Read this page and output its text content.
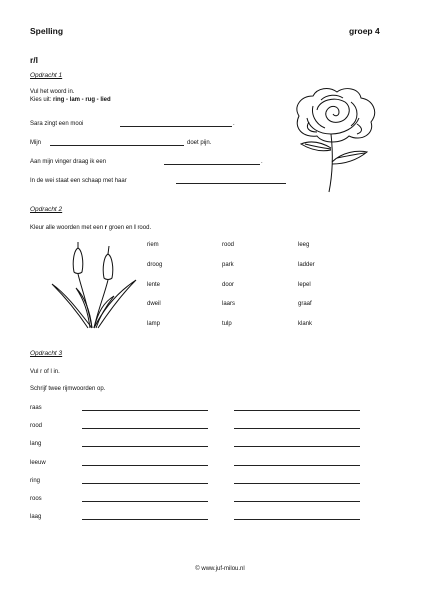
Spelling	groep 4
r/l
Opdracht 1
Vul het woord in.
Kies uit: ring - lam - rug - lied
Sara zingt een mooi	.
Mijn	doet pijn.
Aan mijn vinger draag ik een	.
In de wei staat een schaap met haar
Opdracht 2
Kleur alle woorden met een r groen en l rood.
riem	rood	leeg
droog	park	ladder
lente	door	lepel
dweil	laars	graaf
lamp	tulp	klank
Opdracht 3
Vul r of l in.
Schrijf twee rijmwoorden op.
raas
rood
lang
leeuw
ring
roos
laag
© www.juf-milou.nl
